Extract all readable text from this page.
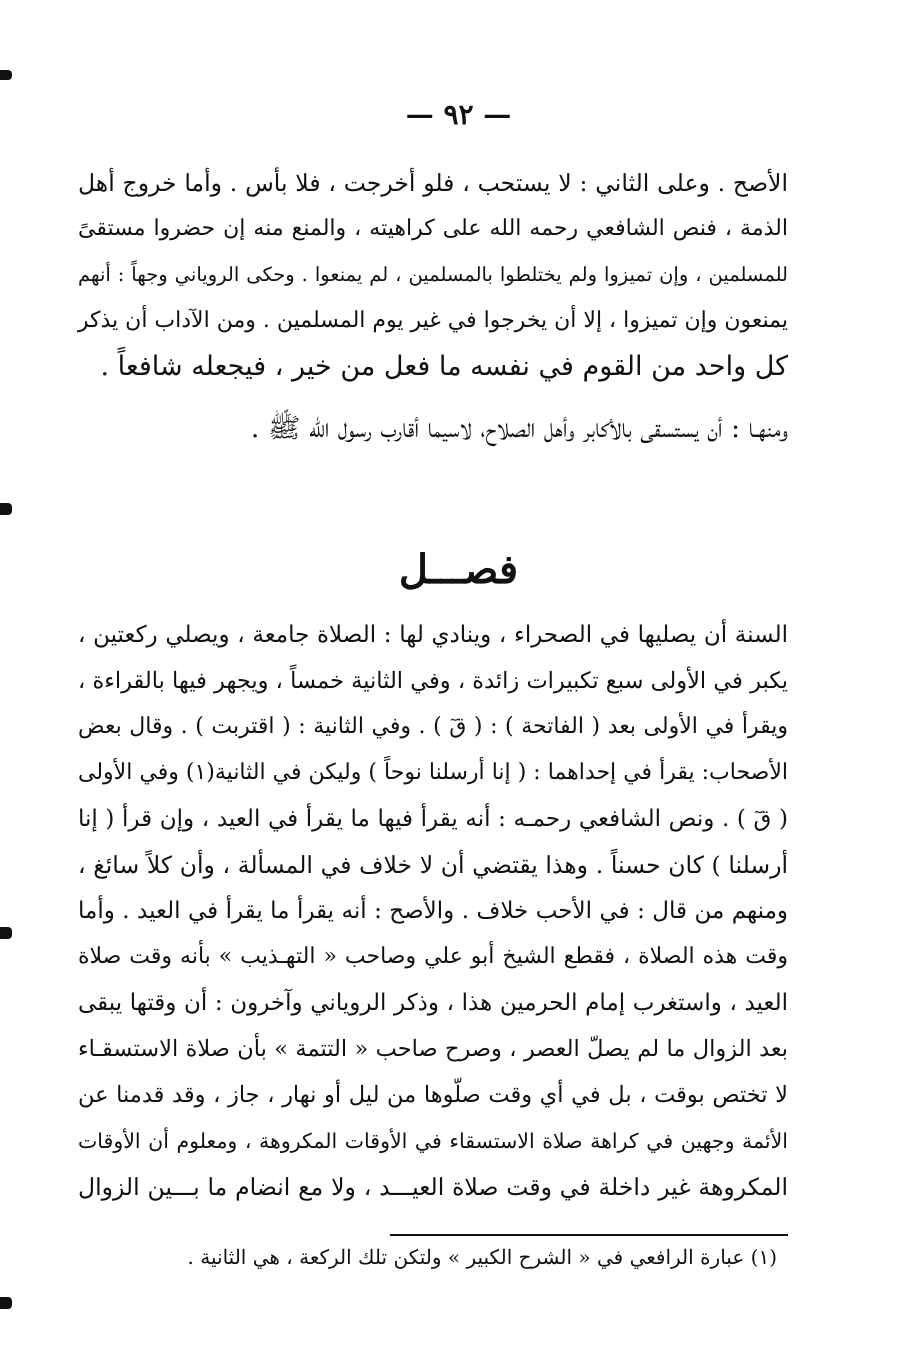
— ٩٢ —
الأصح . وعلى الثاني : لا يستحب ، فلو أخرجت ، فلا بأس . وأما خروج أهل
الذمة ، فنص الشافعي رحمه الله على كراهيته ، والمنع منه إن حضروا مستقىً
للمسلمين ، وإن تميزوا ولم يختلطوا بالمسلمين ، لم يمنعوا . وحكى الروياني وجهاً : أنهم
يمنعون وإن تميزوا ، إلا أن يخرجوا في غير يوم المسلمين . ومن الآداب أن يذكر
كل واحد من القوم في نفسه ما فعل من خير ، فيجعله شافعاً .
ومنهـا : أن يستسقى بالأكابر وأهل الصلاح، لاسيما أقارب رسول الله ﷺ .
فصـــل
السنة أن يصليها في الصحراء ، وينادي لها : الصلاة جامعة ، ويصلي ركعتين ،
يكبر في الأولى سبع تكبيرات زائدة ، وفي الثانية خمساً ، ويجهر فيها بالقراءة ،
ويقرأ في الأولى بعد ( الفاتحة ) : ( قٓ ) . وفي الثانية : ( اقتربت ) . وقال بعض
الأصحاب: يقرأ في إحداهما : ( إنا أرسلنا نوحاً ) وليكن في الثانية(١) وفي الأولى
( قٓ ) . ونص الشافعي رحمـه : أنه يقرأ فيها ما يقرأ في العيد ، وإن قرأ ( إنا
أرسلنا ) كان حسناً . وهذا يقتضي أن لا خلاف في المسألة ، وأن كلاً سائغ ،
ومنهم من قال : في الأحب خلاف . والأصح : أنه يقرأ ما يقرأ في العيد . وأما
وقت هذه الصلاة ، فقطع الشيخ أبو علي وصاحب « التهـذيب » بأنه وقت صلاة
العيد ، واستغرب إمام الحرمين هذا ، وذكر الروياني وآخرون : أن وقتها يبقى
بعد الزوال ما لم يصلّ العصر ، وصرح صاحب « التتمة » بأن صلاة الاستسقـاء
لا تختص بوقت ، بل في أي وقت صلّوها من ليل أو نهار ، جاز ، وقد قدمنا عن
الأئمة وجهين في كراهة صلاة الاستسقاء في الأوقات المكروهة ، ومعلوم أن الأوقات
المكروهة غير داخلة في وقت صلاة العيـــد ، ولا مع انضام ما بـــين الزوال
(١) عبارة الرافعي في « الشرح الكبير » ولتكن تلك الركعة ، هي الثانية .
